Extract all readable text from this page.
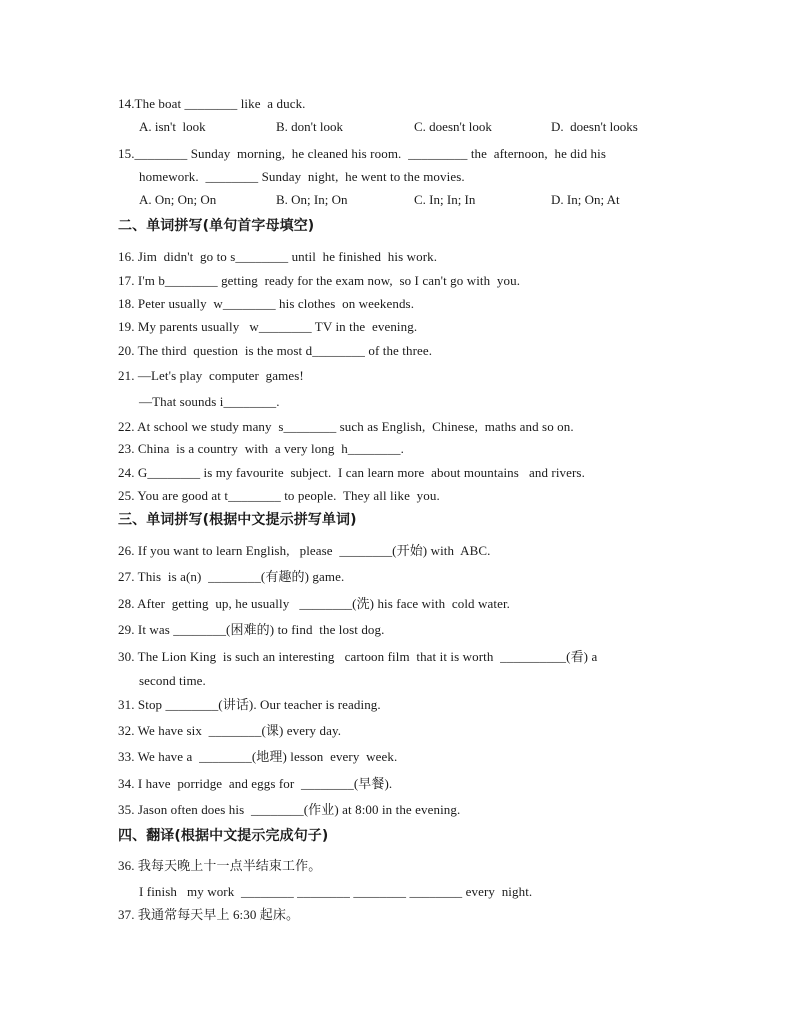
14.The boat ________ like  a duck.
A. isn't  look	B. don't look	C. doesn't look	D.  doesn't looks
15.________ Sunday  morning,  he cleaned his room.  _________ the  afternoon,  he did his
homework.  ________ Sunday  night,  he went to the movies.
A. On; On; On	B. On; In; On	C. In; In; In	D. In; On; At
二、单词拼写(单句首字母填空)
16. Jim  didn't  go to s________ until  he finished  his work.
17. I'm b________ getting  ready for the exam now,  so I can't go with  you.
18. Peter usually  w________ his clothes  on weekends.
19. My parents usually   w________ TV in the  evening.
20. The third  question  is the most d________ of the three.
21. —Let's play  computer  games!
—That sounds i________.
22. At school we study many  s________ such as English,  Chinese,  maths and so on.
23. China  is a country  with  a very long  h________.
24. G________ is my favourite  subject.  I can learn more  about mountains   and rivers.
25. You are good at t________ to people.  They all like  you.
三、单词拼写(根据中文提示拼写单词)
26. If you want to learn English,   please  ________(开始) with  ABC.
27. This  is a(n)  ________(有趣的) game.
28. After  getting  up, he usually   ________(洗) his face with  cold water.
29. It was ________(困难的) to find  the lost dog.
30. The Lion King  is such an interesting   cartoon film  that it is worth  __________(看) a
second time.
31. Stop ________(讲话). Our teacher is reading.
32. We have six  ________(课) every day.
33. We have a  ________(地理) lesson  every  week.
34. I have  porridge  and eggs for  ________(早餐).
35. Jason often does his  ________(作业) at 8:00 in the evening.
四、翻译(根据中文提示完成句子)
36. 我每天晚上十一点半结束工作。
I finish   my work  ________ ________ ________ ________ every  night.
37. 我通常每天早上 6:30 起床。
